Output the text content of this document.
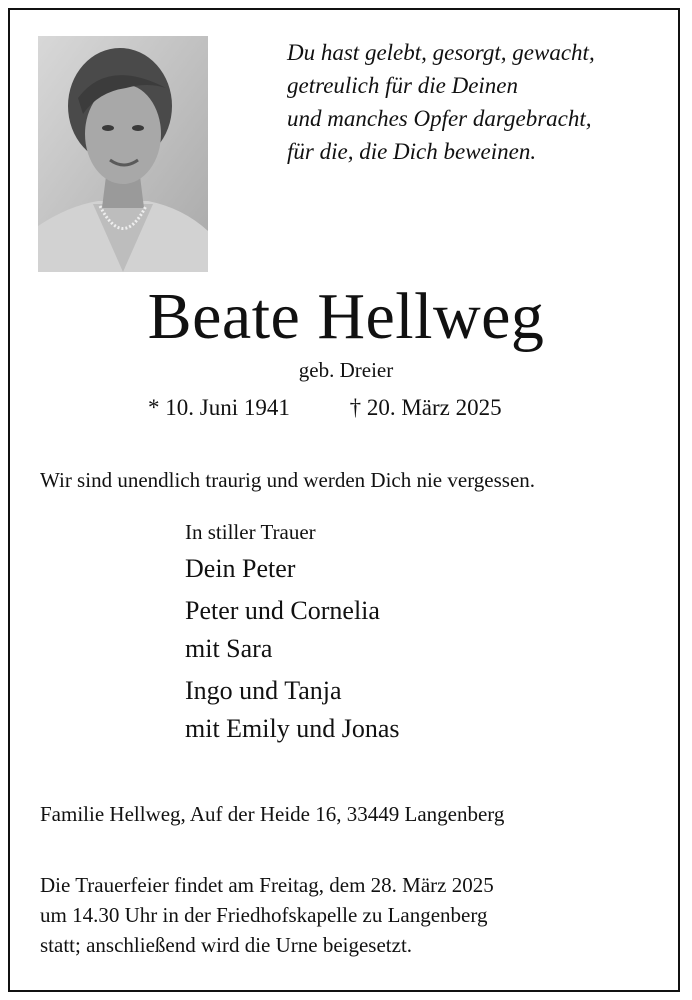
Du hast gelebt, gesorgt, gewacht,
getreulich für die Deinen
und manches Opfer dargebracht,
für die, die Dich beweinen.
Beate Hellweg
geb. Dreier
* 10. Juni 1941	† 20. März 2025
Wir sind unendlich traurig und werden Dich nie vergessen.
In stiller Trauer
Dein Peter
Peter und Cornelia
mit Sara
Ingo und Tanja
mit Emily und Jonas
Familie Hellweg, Auf der Heide 16, 33449 Langenberg
Die Trauerfeier findet am Freitag, dem 28. März 2025
um 14.30 Uhr in der Friedhofskapelle zu Langenberg
statt; anschließend wird die Urne beigesetzt.
